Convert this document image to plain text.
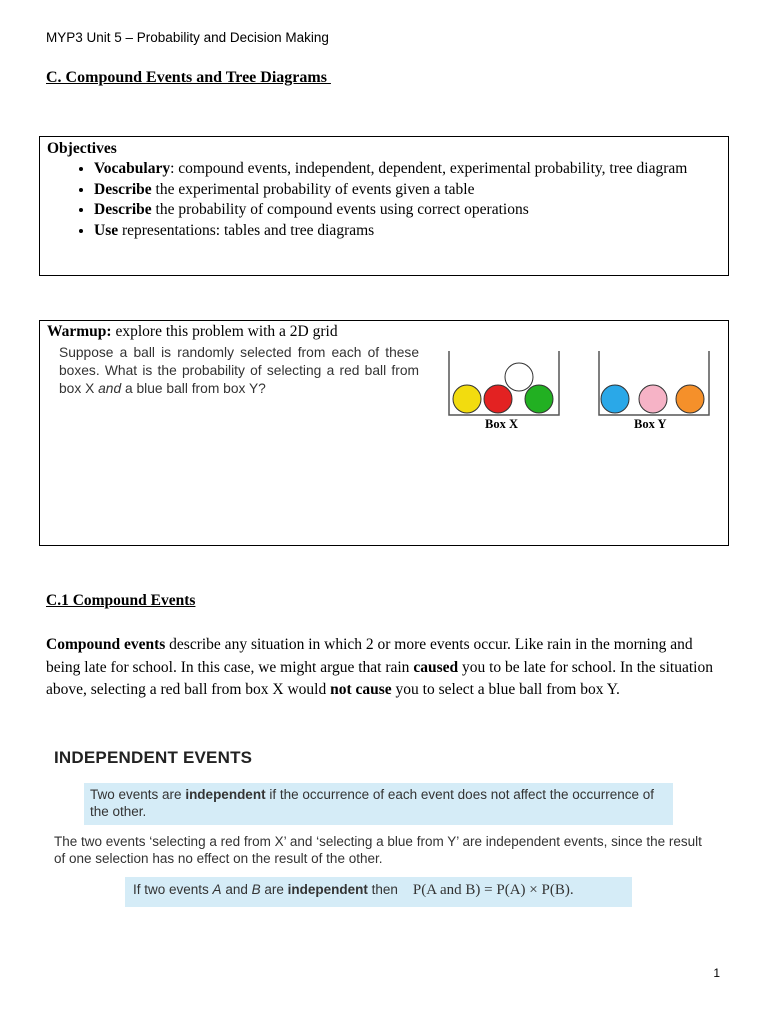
MYP3 Unit 5 – Probability and Decision Making
C. Compound Events and Tree Diagrams
Objectives
• Vocabulary: compound events, independent, dependent, experimental probability, tree diagram
• Describe the experimental probability of events given a table
• Describe the probability of compound events using correct operations
• Use representations: tables and tree diagrams
Warmup: explore this problem with a 2D grid
Suppose a ball is randomly selected from each of these boxes. What is the probability of selecting a red ball from box X and a blue ball from box Y?
Box X	Box Y
C.1 Compound Events
Compound events describe any situation in which 2 or more events occur. Like rain in the morning and being late for school. In this case, we might argue that rain caused you to be late for school. In the situation above, selecting a red ball from box X would not cause you to select a blue ball from box Y.
INDEPENDENT EVENTS
Two events are independent if the occurrence of each event does not affect the occurrence of the other.
The two events ‘selecting a red from X’ and ‘selecting a blue from Y’ are independent events, since the result of one selection has no effect on the result of the other.
If two events A and B are independent then    P(A and B) = P(A) × P(B).
1
